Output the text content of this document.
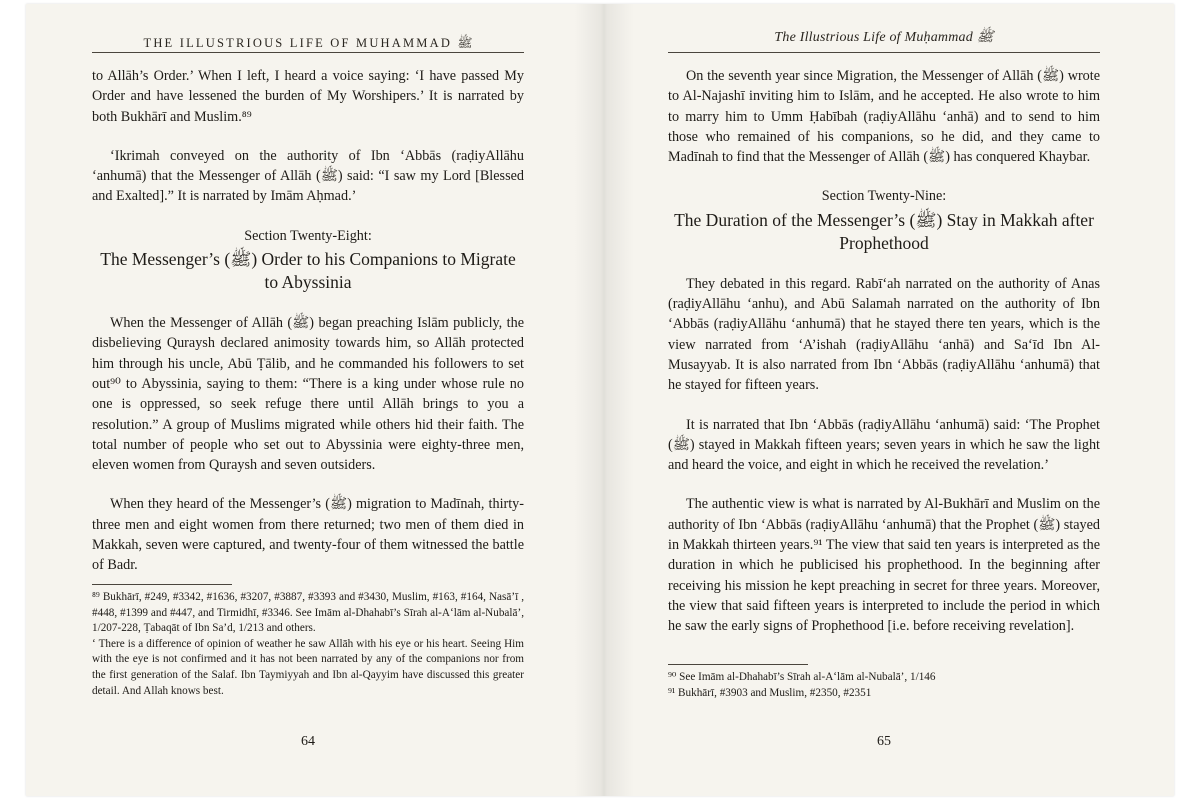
THE ILLUSTRIOUS LIFE OF MUHAMMAD ﷺ

to Allāh’s Order.’ When I left, I heard a voice saying: ‘I have passed My Order and have lessened the burden of My Worshipers.’ It is narrated by both Bukhārī and Muslim.⁸⁹

‘Ikrimah conveyed on the authority of Ibn ‘Abbās (raḍiyAllāhu ‘anhumā) that the Messenger of Allāh (ﷺ) said: “I saw my Lord [Blessed and Exalted].” It is narrated by Imām Aḥmad.’

Section Twenty-Eight:
The Messenger’s (ﷺ) Order to his Companions to Migrate to Abyssinia

When the Messenger of Allāh (ﷺ) began preaching Islām publicly, the disbelieving Quraysh declared animosity towards him, so Allāh protected him through his uncle, Abū Ṭālib, and he commanded his followers to set out⁹⁰ to Abyssinia, saying to them: “There is a king under whose rule no one is oppressed, so seek refuge there until Allāh brings to you a resolution.” A group of Muslims migrated while others hid their faith. The total number of people who set out to Abyssinia were eighty-three men, eleven women from Quraysh and seven outsiders.

When they heard of the Messenger’s (ﷺ) migration to Madīnah, thirty-three men and eight women from there returned; two men of them died in Makkah, seven were captured, and twenty-four of them witnessed the battle of Badr.

⁸⁹ Bukhārī, #249, #3342, #1636, #3207, #3887, #3393 and #3430, Muslim, #163, #164, Nasā’ī , #448, #1399 and #447, and Tirmidhī, #3346. See Imām al-Dhahabī’s Sīrah al-A‘lām al-Nubalā’, 1/207-228, Ṭabaqāt of Ibn Sa’d, 1/213 and others.

‘ There is a difference of opinion of weather he saw Allāh with his eye or his heart. Seeing Him with the eye is not confirmed and it has not been narrated by any of the companions nor from the first generation of the Salaf. Ibn Taymiyyah and Ibn al-Qayyim have discussed this greater detail. And Allah knows best.

64
The Illustrious Life of Muḥammad ﷺ

On the seventh year since Migration, the Messenger of Allāh (ﷺ) wrote to Al-Najashī inviting him to Islām, and he accepted. He also wrote to him to marry him to Umm Ḥabībah (raḍiyAllāhu ‘anhā) and to send to him those who remained of his companions, so he did, and they came to Madīnah to find that the Messenger of Allāh (ﷺ) has conquered Khaybar.

Section Twenty-Nine:
The Duration of the Messenger’s (ﷺ) Stay in Makkah after Prophethood

They debated in this regard. Rabī‘ah narrated on the authority of Anas (raḍiyAllāhu ‘anhu), and Abū Salamah narrated on the authority of Ibn ‘Abbās (raḍiyAllāhu ‘anhumā) that he stayed there ten years, which is the view narrated from ‘A’ishah (raḍiyAllāhu ‘anhā) and Sa‘īd Ibn Al-Musayyab. It is also narrated from Ibn ‘Abbās (raḍiyAllāhu ‘anhumā) that he stayed for fifteen years.

It is narrated that Ibn ‘Abbās (raḍiyAllāhu ‘anhumā) said: ‘The Prophet (ﷺ) stayed in Makkah fifteen years; seven years in which he saw the light and heard the voice, and eight in which he received the revelation.’

The authentic view is what is narrated by Al-Bukhārī and Muslim on the authority of Ibn ‘Abbās (raḍiyAllāhu ‘anhumā) that the Prophet (ﷺ) stayed in Makkah thirteen years.⁹¹ The view that said ten years is interpreted as the duration in which he publicised his prophethood. In the beginning after receiving his mission he kept preaching in secret for three years. Moreover, the view that said fifteen years is interpreted to include the period in which he saw the early signs of Prophethood [i.e. before receiving revelation].

⁹⁰ See Imām al-Dhahabī’s Sīrah al-A‘lām al-Nubalā’, 1/146

⁹¹ Bukhārī, #3903 and Muslim, #2350, #2351

65
